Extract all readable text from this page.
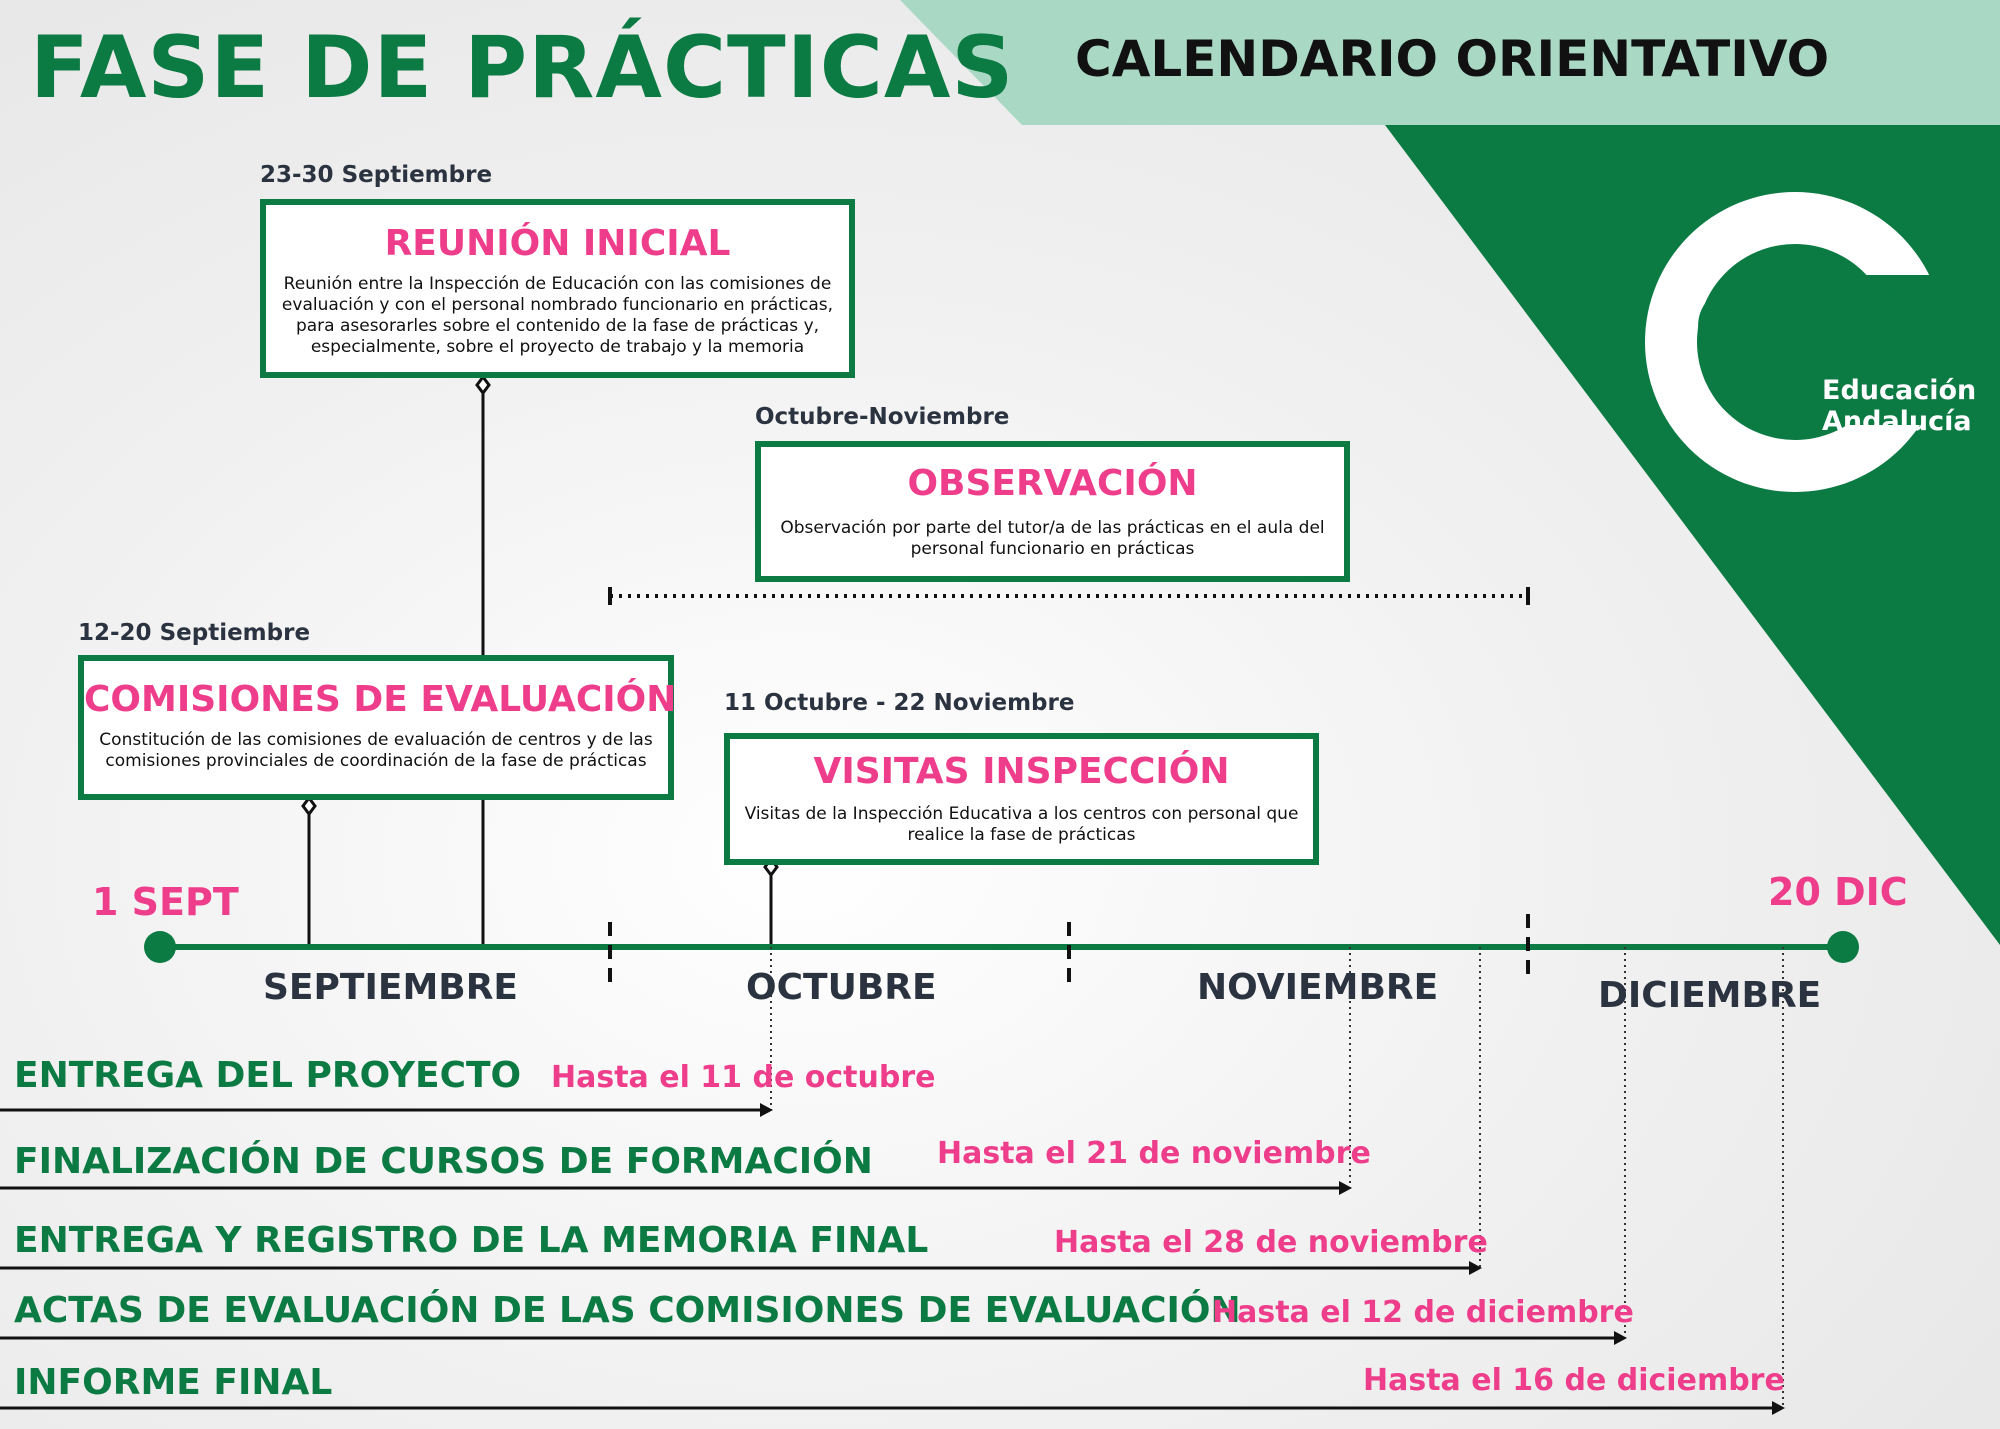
FASE DE PRÁCTICAS CALENDARIO ORIENTATIVO
CSIF
Educación
Andalucía
23-30 Septiembre
REUNIÓN INICIAL
Reunión entre la Inspección de Educación con las comisiones de evaluación y con el personal nombrado funcionario en prácticas, para asesorarles sobre el contenido de la fase de prácticas y, especialmente, sobre el proyecto de trabajo y la memoria
Octubre-Noviembre
OBSERVACIÓN
Observación por parte del tutor/a de las prácticas en el aula del personal funcionario en prácticas
12-20 Septiembre
COMISIONES DE EVALUACIÓN
Constitución de las comisiones de evaluación de centros y de las comisiones provinciales de coordinación de la fase de prácticas
11 Octubre - 22 Noviembre
VISITAS INSPECCIÓN
Visitas de la Inspección Educativa a los centros con personal que realice la fase de prácticas
1 SEPT	20 DIC
SEPTIEMBRE	OCTUBRE	NOVIEMBRE	DICIEMBRE
ENTREGA DEL PROYECTO Hasta el 11 de octubre
FINALIZACIÓN DE CURSOS DE FORMACIÓN Hasta el 21 de noviembre
ENTREGA Y REGISTRO DE LA MEMORIA FINAL	Hasta el 28 de noviembre
ACTAS DE EVALUACIÓN DE LAS COMISIONES DE EVALUACIÓN
Hasta el 12 de diciembre
INFORME FINAL	Hasta el 16 de diciembre
